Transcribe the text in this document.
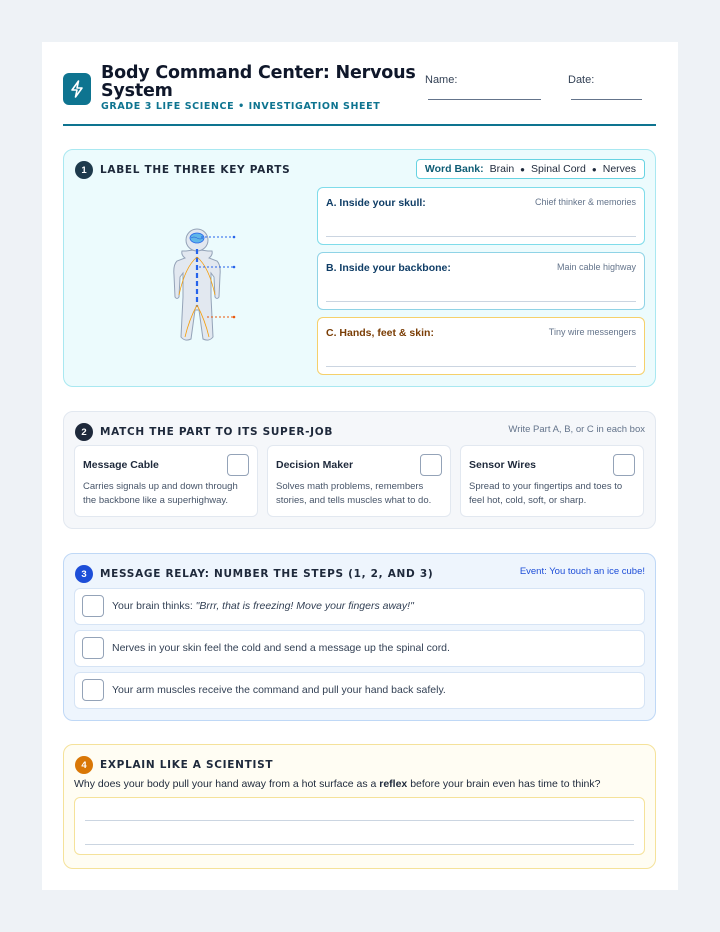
Body Command Center: Nervous System
GRADE 3 LIFE SCIENCE • INVESTIGATION SHEET
Name:	Date:
1	LABEL THE THREE KEY PARTS	Word Bank: Brain ● Spinal Cord ● Nerves
A. Inside your skull:	Chief thinker & memories
B. Inside your backbone:	Main cable highway
C. Hands, feet & skin:	Tiny wire messengers
2	MATCH THE PART TO ITS SUPER-JOB	Write Part A, B, or C in each box
Message Cable
Carries signals up and down through the backbone like a superhighway.
Decision Maker
Solves math problems, remembers stories, and tells muscles what to do.
Sensor Wires
Spread to your fingertips and toes to feel hot, cold, soft, or sharp.
3	MESSAGE RELAY: NUMBER THE STEPS (1, 2, AND 3)	Event: You touch an ice cube!
Your brain thinks: "Brrr, that is freezing! Move your fingers away!"
Nerves in your skin feel the cold and send a message up the spinal cord.
Your arm muscles receive the command and pull your hand back safely.
4	EXPLAIN LIKE A SCIENTIST
Why does your body pull your hand away from a hot surface as a reflex before your brain even has time to think?
